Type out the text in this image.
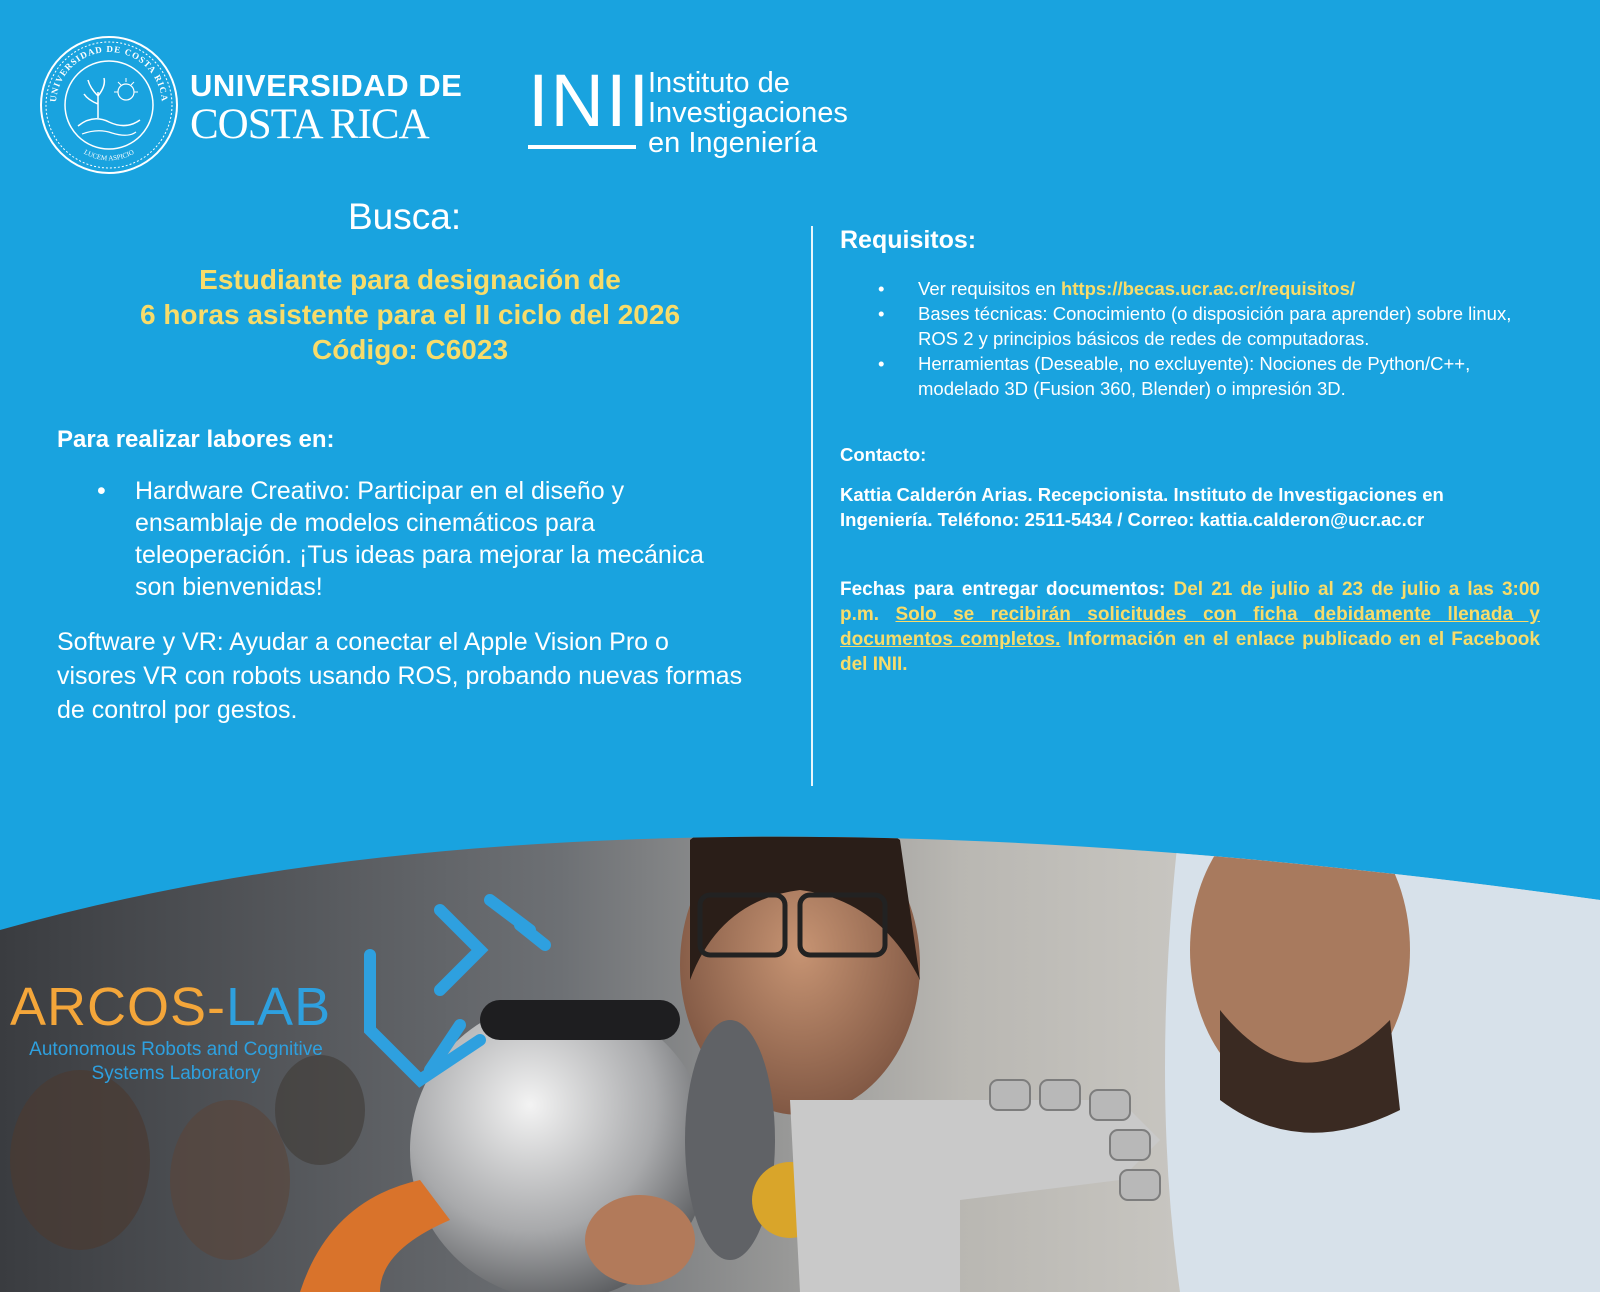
UNIVERSIDAD DE COSTA RICA
LUCEM ASPICIO
UNIVERSIDAD DE
COSTA RICA	INII
Instituto de
Investigaciones
en Ingeniería
Busca:
Estudiante para designación de
6 horas asistente para el II ciclo del 2026
Código: C6023
Para realizar labores en:
• Hardware Creativo: Participar en el diseño y ensamblaje de modelos cinemáticos para teleoperación. ¡Tus ideas para mejorar la mecánica son bienvenidas!
Software y VR: Ayudar a conectar el Apple Vision Pro o visores VR con robots usando ROS, probando nuevas formas de control por gestos.
Requisitos:
• Ver requisitos en https://becas.ucr.ac.cr/requisitos/
• Bases técnicas: Conocimiento (o disposición para aprender) sobre linux, ROS 2 y principios básicos de redes de computadoras.
• Herramientas (Deseable, no excluyente): Nociones de Python/C++, modelado 3D (Fusion 360, Blender) o impresión 3D.
Contacto:
Kattia Calderón Arias. Recepcionista. Instituto de Investigaciones en Ingeniería. Teléfono: 2511-5434 / Correo: kattia.calderon@ucr.ac.cr
Fechas para entregar documentos: Del 21 de julio al 23 de julio a las 3:00 p.m. Solo se recibirán solicitudes con ficha debidamente llenada y documentos completos. Información en el enlace publicado en el Facebook del INII.
ARCOS-LAB
Autonomous Robots and Cognitive
Systems Laboratory
